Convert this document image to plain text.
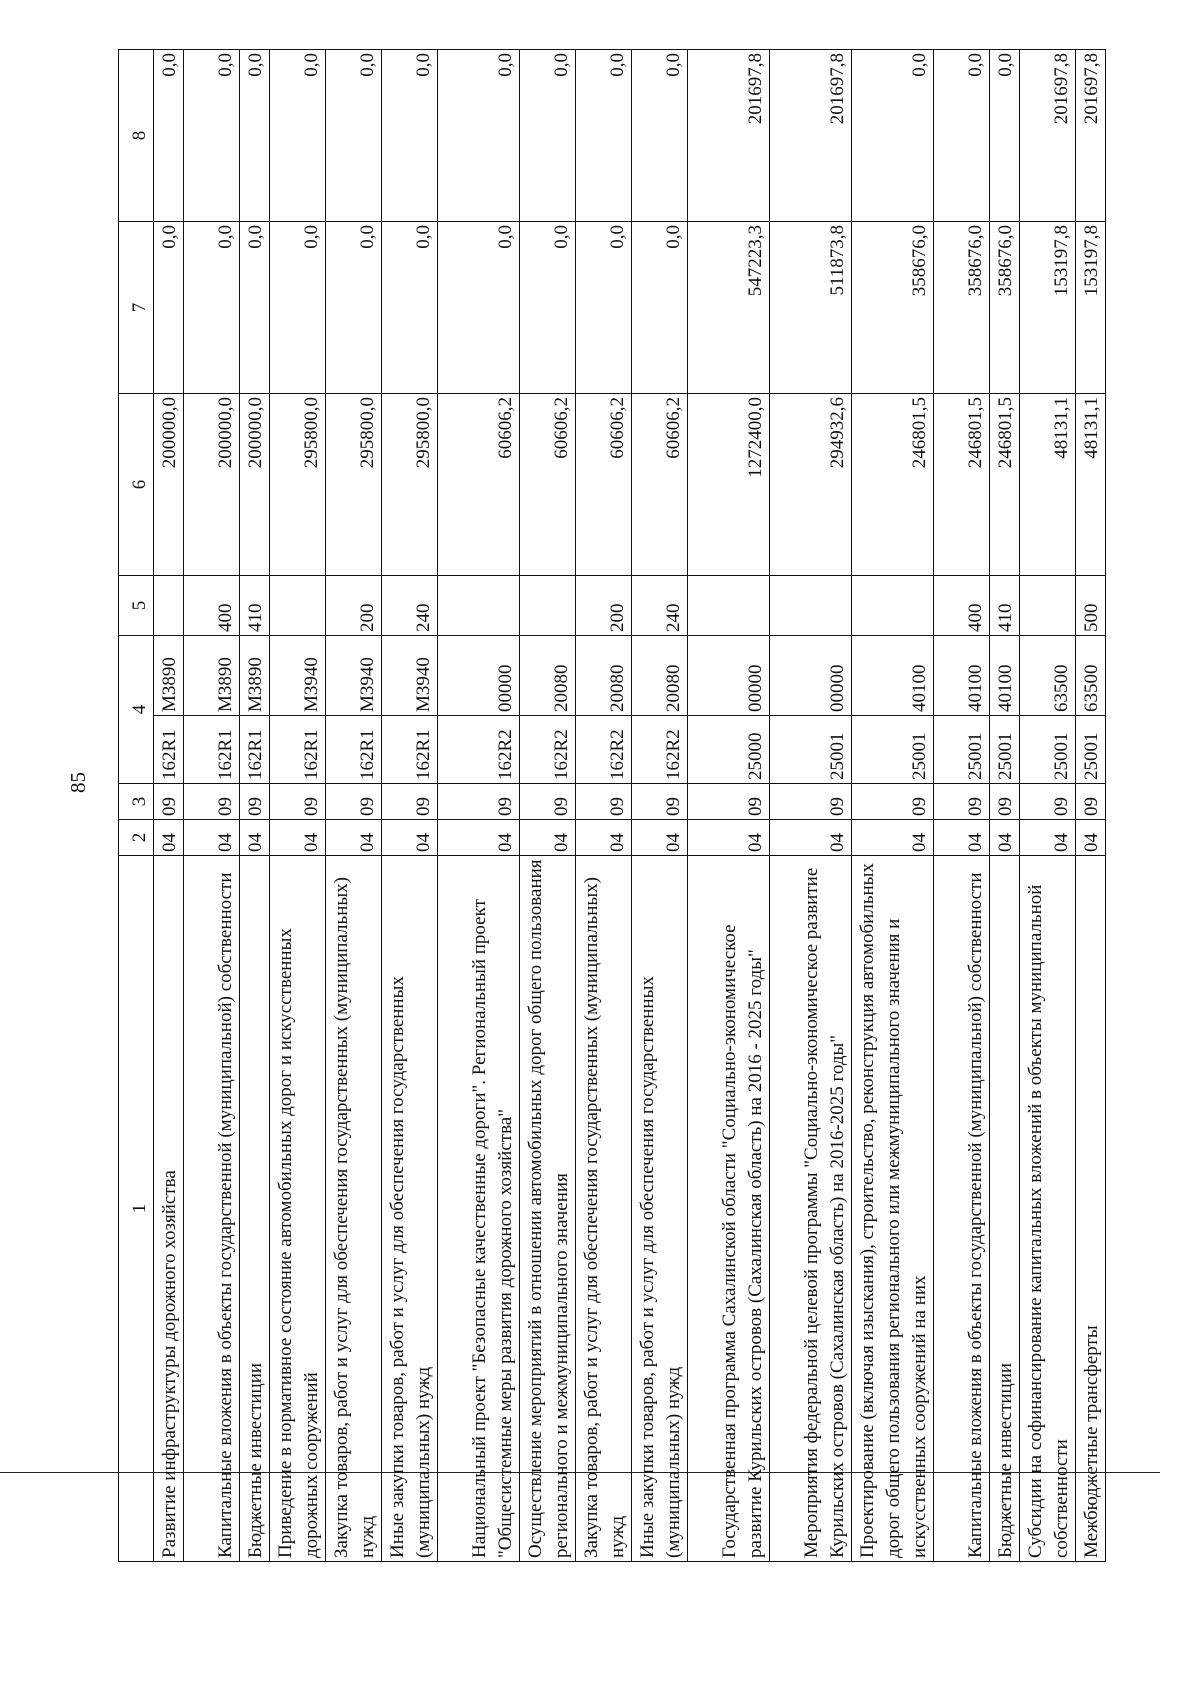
85
1	2	3	4		5	6	7	8
Развитие инфраструктуры дорожного хозяйства	04	09	162R1	M3890		200000,0	0,0	0,0
Капитальные вложения в объекты государственной (муниципальной) собственности	04	09	162R1	M3890	400	200000,0	0,0	0,0
Бюджетные инвестиции	04	09	162R1	M3890	410	200000,0	0,0	0,0
Приведение в нормативное состояние автомобильных дорог и искусственных дорожных сооружений	04	09	162R1	M3940		295800,0	0,0	0,0
Закупка товаров, работ и услуг для обеспечения государственных (муниципальных) нужд	04	09	162R1	M3940	200	295800,0	0,0	0,0
Иные закупки товаров, работ и услуг для обеспечения государственных (муниципальных) нужд	04	09	162R1	M3940	240	295800,0	0,0	0,0
Национальный проект "Безопасные качественные дороги". Региональный проект "Общесистемные меры развития дорожного хозяйства"	04	09	162R2	00000		60606,2	0,0	0,0
Осуществление мероприятий в отношении автомобильных дорог общего пользования регионального и межмуниципального значения	04	09	162R2	20080		60606,2	0,0	0,0
Закупка товаров, работ и услуг для обеспечения государственных (муниципальных) нужд	04	09	162R2	20080	200	60606,2	0,0	0,0
Иные закупки товаров, работ и услуг для обеспечения государственных (муниципальных) нужд	04	09	162R2	20080	240	60606,2	0,0	0,0
Государственная программа Сахалинской области "Социально-экономическое развитие Курильских островов (Сахалинская область) на 2016 - 2025 годы"	04	09	25000	00000		1272400,0	547223,3	201697,8
Мероприятия федеральной целевой программы "Социально-экономическое развитие Курильских островов (Сахалинская область) на 2016-2025 годы"	04	09	25001	00000		294932,6	511873,8	201697,8
Проектирование (включая изыскания), строительство, реконструкция автомобильных дорог общего пользования регионального или межмуниципального значения и искусственных сооружений на них	04	09	25001	40100		246801,5	358676,0	0,0
Капитальные вложения в объекты государственной (муниципальной) собственности	04	09	25001	40100	400	246801,5	358676,0	0,0
Бюджетные инвестиции	04	09	25001	40100	410	246801,5	358676,0	0,0
Субсидии на софинансирование капитальных вложений в объекты муниципальной собственности	04	09	25001	63500		48131,1	153197,8	201697,8
Межбюджетные трансферты	04	09	25001	63500	500	48131,1	153197,8	201697,8
